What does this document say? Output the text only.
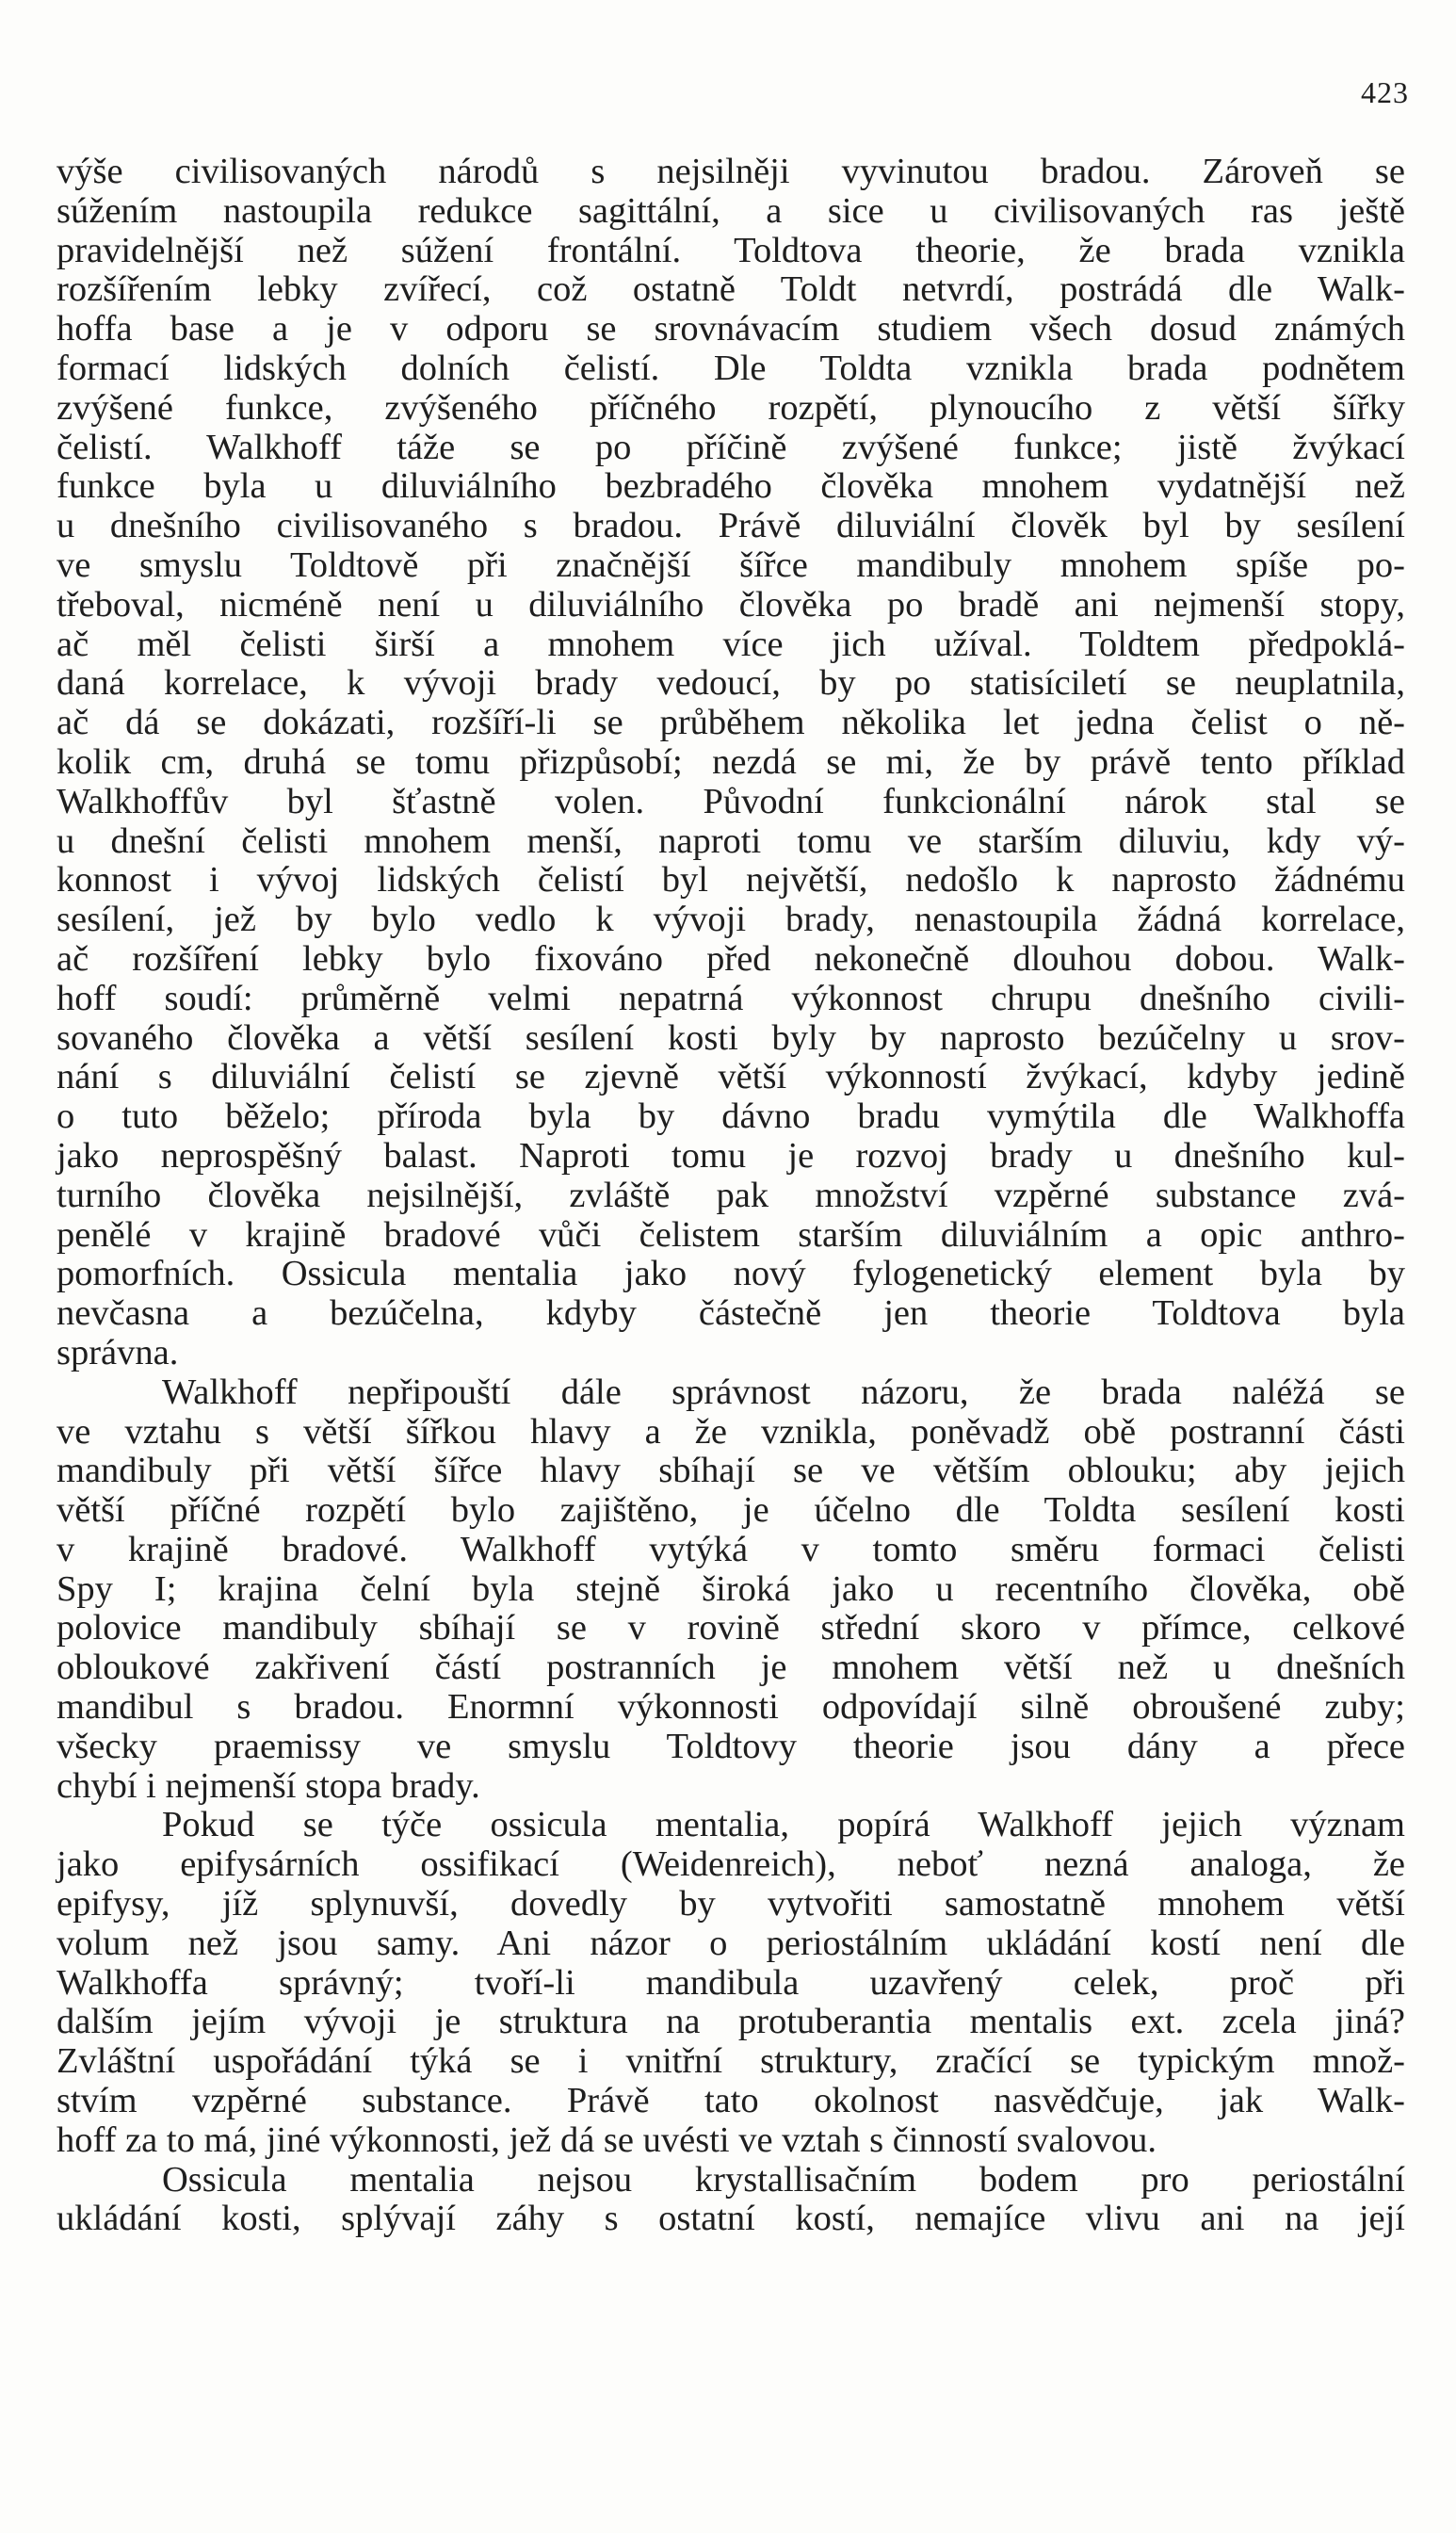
423
výše civilisovaných národů s nejsilněji vyvinutou bradou. Zároveň se
súžením nastoupila redukce sagittální, a sice u civilisovaných ras ještě
pravidelnější než súžení frontální. Toldtova theorie, že brada vznikla
rozšířením lebky zvířecí, což ostatně Toldt netvrdí, postrádá dle Walk-
hoffa base a je v odporu se srovnávacím studiem všech dosud známých
formací lidských dolních čelistí. Dle Toldta vznikla brada podnětem
zvýšené funkce, zvýšeného příčného rozpětí, plynoucího z větší šířky
čelistí. Walkhoff táže se po příčině zvýšené funkce; jistě žvýkací
funkce byla u diluviálního bezbradého člověka mnohem vydatnější než
u dnešního civilisovaného s bradou. Právě diluviální člověk byl by sesílení
ve smyslu Toldtově při značnější šířce mandibuly mnohem spíše po-
třeboval, nicméně není u diluviálního člověka po bradě ani nejmenší stopy,
ač měl čelisti širší a mnohem více jich užíval. Toldtem předpoklá-
daná korrelace, k vývoji brady vedoucí, by po statisíciletí se neuplatnila,
ač dá se dokázati, rozšíří-li se průběhem několika let jedna čelist o ně-
kolik cm, druhá se tomu přizpůsobí; nezdá se mi, že by právě tento příklad
Walkhoffův byl šťastně volen. Původní funkcionální nárok stal se
u dnešní čelisti mnohem menší, naproti tomu ve starším diluviu, kdy vý-
konnost i vývoj lidských čelistí byl největší, nedošlo k naprosto žádnému
sesílení, jež by bylo vedlo k vývoji brady, nenastoupila žádná korrelace,
ač rozšíření lebky bylo fixováno před nekonečně dlouhou dobou. Walk-
hoff soudí: průměrně velmi nepatrná výkonnost chrupu dnešního civili-
sovaného člověka a větší sesílení kosti byly by naprosto bezúčelny u srov-
nání s diluviální čelistí se zjevně větší výkonností žvýkací, kdyby jedině
o tuto běželo; příroda byla by dávno bradu vymýtila dle Walkhoffa
jako neprospěšný balast. Naproti tomu je rozvoj brady u dnešního kul-
turního člověka nejsilnější, zvláště pak množství vzpěrné substance zvá-
penělé v krajině bradové vůči čelistem starším diluviálním a opic anthro-
pomorfních. Ossicula mentalia jako nový fylogenetický element byla by
nevčasna a bezúčelna, kdyby částečně jen theorie Toldtova byla
správna.
Walkhoff nepřipouští dále správnost názoru, že brada naléžá se
ve vztahu s větší šířkou hlavy a že vznikla, poněvadž obě postranní části
mandibuly při větší šířce hlavy sbíhají se ve větším oblouku; aby jejich
větší příčné rozpětí bylo zajištěno, je účelno dle Toldta sesílení kosti
v krajině bradové. Walkhoff vytýká v tomto směru formaci čelisti
Spy I; krajina čelní byla stejně široká jako u recentního člověka, obě
polovice mandibuly sbíhají se v rovině střední skoro v přímce, celkové
obloukové zakřivení částí postranních je mnohem větší než u dnešních
mandibul s bradou. Enormní výkonnosti odpovídají silně obroušené zuby;
všecky praemissy ve smyslu Toldtovy theorie jsou dány a přece
chybí i nejmenší stopa brady.
Pokud se týče ossicula mentalia, popírá Walkhoff jejich význam
jako epifysárních ossifikací (Weidenreich), neboť nezná analoga, že
epifysy, jíž splynuvší, dovedly by vytvořiti samostatně mnohem větší
volum než jsou samy. Ani názor o periostálním ukládání kostí není dle
Walkhoffa správný; tvoří-li mandibula uzavřený celek, proč při
dalším jejím vývoji je struktura na protuberantia mentalis ext. zcela jiná?
Zvláštní uspořádání týká se i vnitřní struktury, zračící se typickým množ-
stvím vzpěrné substance. Právě tato okolnost nasvědčuje, jak Walk-
hoff za to má, jiné výkonnosti, jež dá se uvésti ve vztah s činností svalovou.
Ossicula mentalia nejsou krystallisačním bodem pro periostální
ukládání kosti, splývají záhy s ostatní kostí, nemajíce vlivu ani na její
